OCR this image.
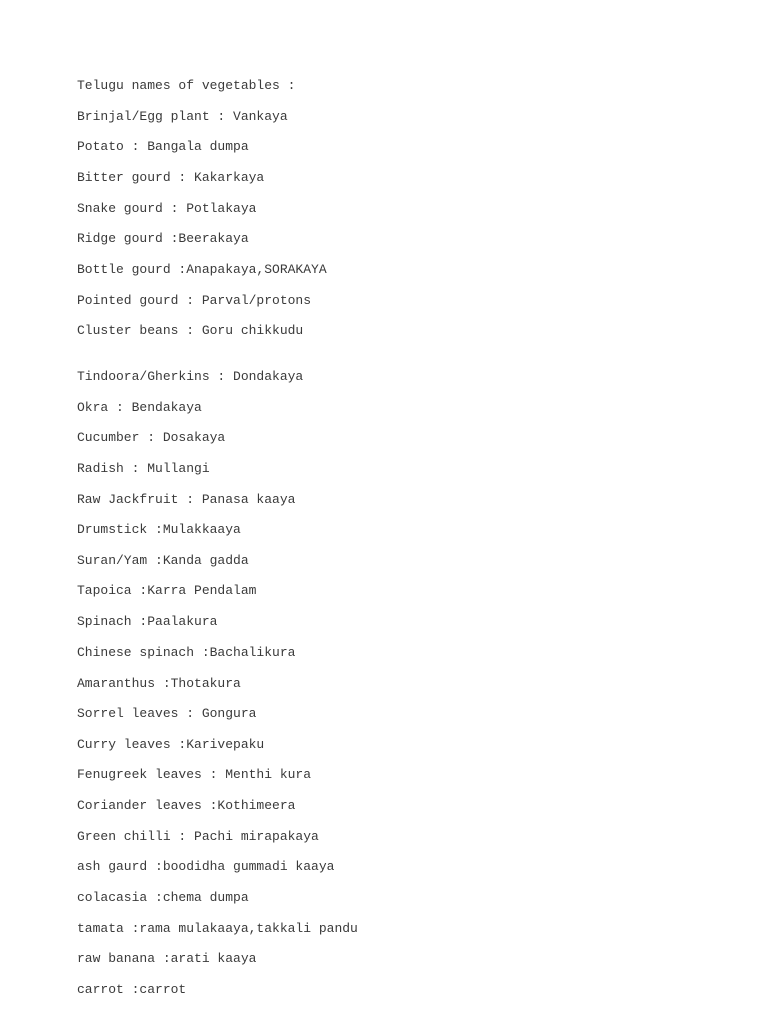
Telugu names of vegetables :
Brinjal/Egg plant : Vankaya
Potato : Bangala dumpa
Bitter gourd : Kakarkaya
Snake gourd : Potlakaya
Ridge gourd :Beerakaya
Bottle gourd :Anapakaya,SORAKAYA
Pointed gourd : Parval/protons
Cluster beans : Goru chikkudu
Tindoora/Gherkins : Dondakaya
Okra : Bendakaya
Cucumber : Dosakaya
Radish : Mullangi
Raw Jackfruit : Panasa kaaya
Drumstick :Mulakkaaya
Suran/Yam :Kanda gadda
Tapoica :Karra Pendalam
Spinach :Paalakura
Chinese spinach :Bachalikura
Amaranthus :Thotakura
Sorrel leaves : Gongura
Curry leaves :Karivepaku
Fenugreek leaves : Menthi kura
Coriander leaves :Kothimeera
Green chilli : Pachi mirapakaya
ash gaurd :boodidha gummadi kaaya
colacasia :chema dumpa
tamata :rama mulakaaya,takkali pandu
raw banana :arati kaaya
carrot :carrot
